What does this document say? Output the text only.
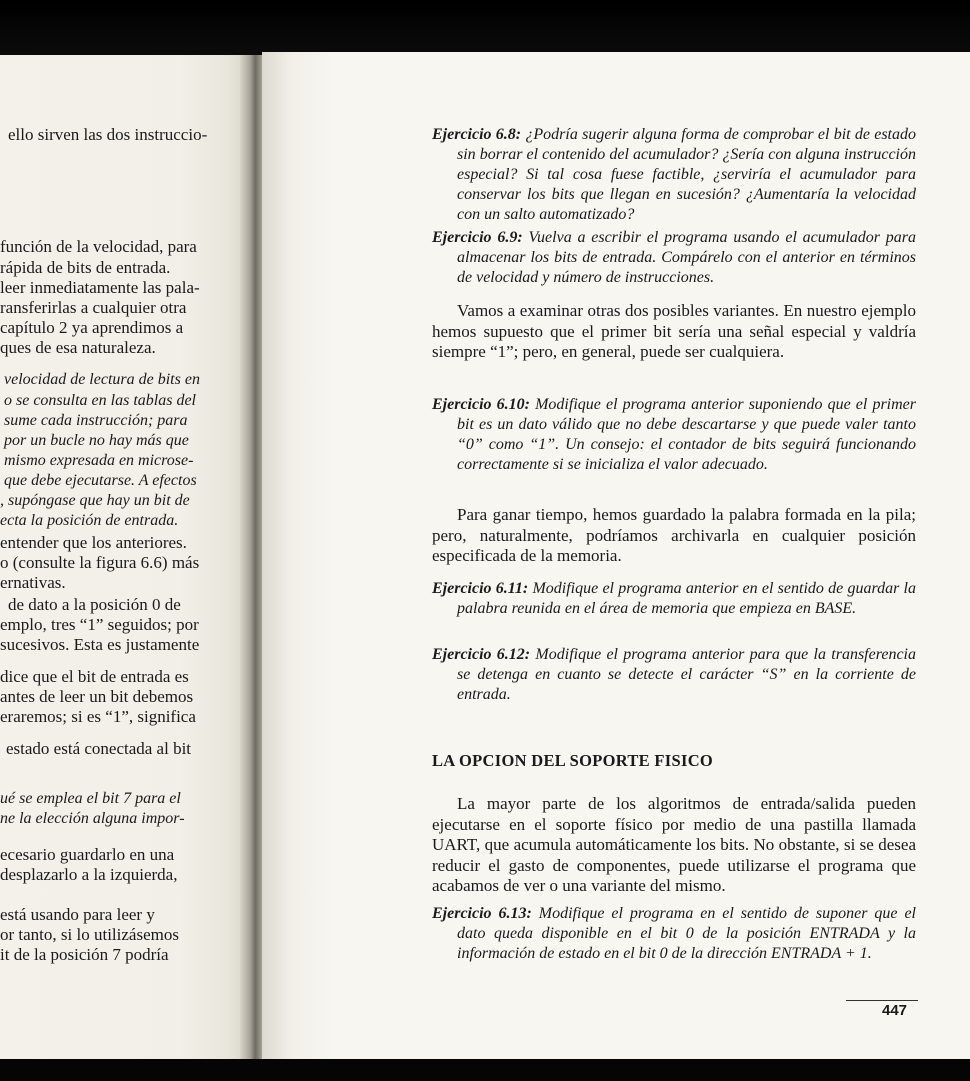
ello sirven las dos instruccio-
función de la velocidad, para
rápida de bits de entrada.
leer inmediatamente las pala-
ransferirlas a cualquier otra
capítulo 2 ya aprendimos a
ques de esa naturaleza.
velocidad de lectura de bits en
o se consulta en las tablas del
sume cada instrucción; para
por un bucle no hay más que
mismo expresada en microse-
que debe ejecutarse. A efectos
, supóngase que hay un bit de
ecta la posición de entrada.
entender que los anteriores.
o (consulte la figura 6.6) más
ernativas.
de dato a la posición 0 de
emplo, tres “1” seguidos; por
sucesivos. Esta es justamente
dice que el bit de entrada es
antes de leer un bit debemos
eraremos; si es “1”, significa
estado está conectada al bit
ué se emplea el bit 7 para el
ne la elección alguna impor-
ecesario guardarlo en una
desplazarlo a la izquierda,
está usando para leer y
or tanto, si lo utilizásemos
it de la posición 7 podría

Ejercicio 6.8: ¿Podría sugerir alguna forma de comprobar el bit de estado sin borrar el contenido del acumulador? ¿Sería con alguna instrucción especial? Si tal cosa fuese factible, ¿serviría el acumulador para conservar los bits que llegan en sucesión? ¿Aumentaría la velocidad con un salto automatizado?

Ejercicio 6.9: Vuelva a escribir el programa usando el acumulador para almacenar los bits de entrada. Compárelo con el anterior en términos de velocidad y número de instrucciones.

Vamos a examinar otras dos posibles variantes. En nuestro ejemplo hemos supuesto que el primer bit sería una señal especial y valdría siempre “1”; pero, en general, puede ser cualquiera.

Ejercicio 6.10: Modifique el programa anterior suponiendo que el primer bit es un dato válido que no debe descartarse y que puede valer tanto “0” como “1”. Un consejo: el contador de bits seguirá funcionando correctamente si se inicializa el valor adecuado.

Para ganar tiempo, hemos guardado la palabra formada en la pila; pero, naturalmente, podríamos archivarla en cualquier posición especificada de la memoria.

Ejercicio 6.11: Modifique el programa anterior en el sentido de guardar la palabra reunida en el área de memoria que empieza en BASE.

Ejercicio 6.12: Modifique el programa anterior para que la transferencia se detenga en cuanto se detecte el carácter “S” en la corriente de entrada.

LA OPCION DEL SOPORTE FISICO

La mayor parte de los algoritmos de entrada/salida pueden ejecutarse en el soporte físico por medio de una pastilla llamada UART, que acumula automáticamente los bits. No obstante, si se desea reducir el gasto de componentes, puede utilizarse el programa que acabamos de ver o una variante del mismo.

Ejercicio 6.13: Modifique el programa en el sentido de suponer que el dato queda disponible en el bit 0 de la posición ENTRADA y la información de estado en el bit 0 de la dirección ENTRADA + 1.

447
